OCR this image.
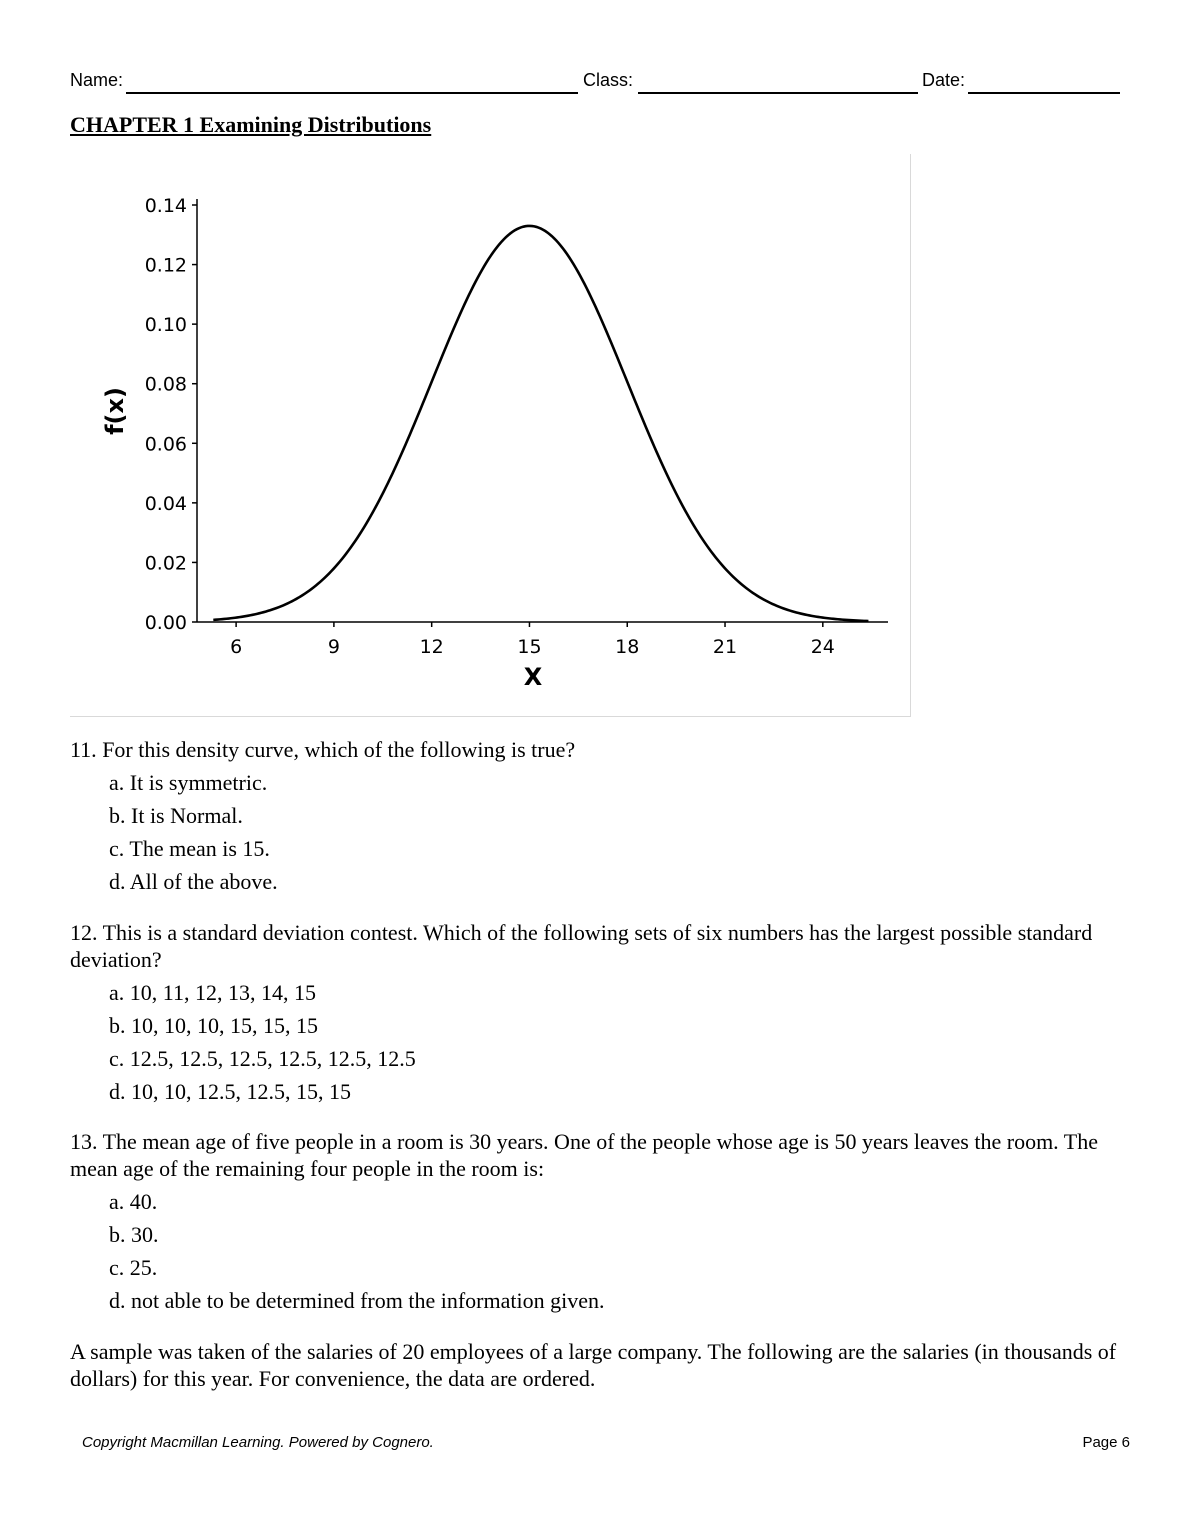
Name:	Class:	Date:
CHAPTER 1 Examining Distributions
0.00
0.02
0.04
0.06
0.08
0.10
0.12
0.14
6	9	12	15	18	21	24
f(x)
X
11. For this density curve, which of the following is true?
a. It is symmetric.
b. It is Normal.
c. The mean is 15.
d. All of the above.
12. This is a standard deviation contest. Which of the following sets of six numbers has the largest possible standard deviation?
a. 10, 11, 12, 13, 14, 15
b. 10, 10, 10, 15, 15, 15
c. 12.5, 12.5, 12.5, 12.5, 12.5, 12.5
d. 10, 10, 12.5, 12.5, 15, 15
13. The mean age of five people in a room is 30 years. One of the people whose age is 50 years leaves the room. The mean age of the remaining four people in the room is:
a. 40.
b. 30.
c. 25.
d. not able to be determined from the information given.
A sample was taken of the salaries of 20 employees of a large company. The following are the salaries (in thousands of dollars) for this year. For convenience, the data are ordered.
Copyright Macmillan Learning. Powered by Cognero.	Page 6
